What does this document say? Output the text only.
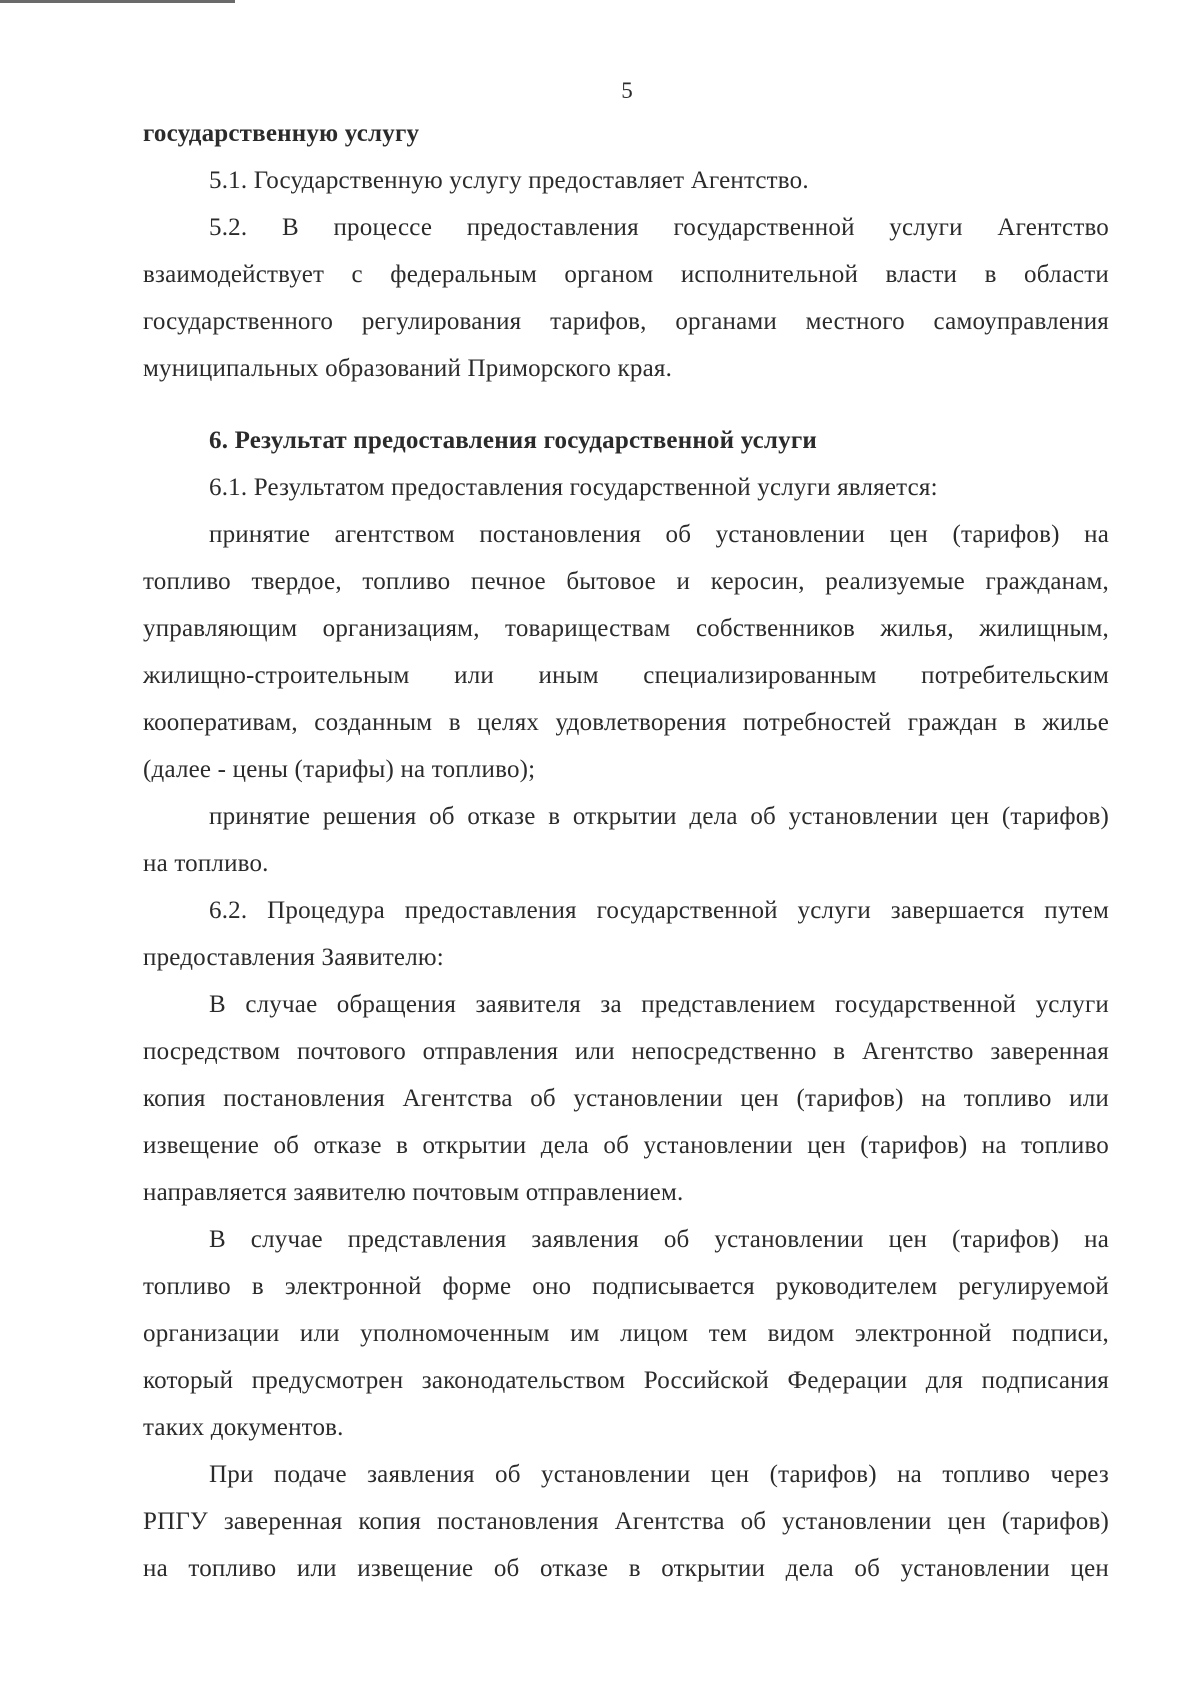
5
государственную услугу
5.1. Государственную услугу предоставляет Агентство.
5.2. В процессе предоставления государственной услуги Агентство
взаимодействует с федеральным органом исполнительной власти в области
государственного регулирования тарифов, органами местного самоуправления
муниципальных образований Приморского края.
6. Результат предоставления государственной услуги
6.1. Результатом предоставления государственной услуги является:
принятие агентством постановления об установлении цен (тарифов) на
топливо твердое, топливо печное бытовое и керосин, реализуемые гражданам,
управляющим организациям, товариществам собственников жилья, жилищным,
жилищно-строительным или иным специализированным потребительским
кооперативам, созданным в целях удовлетворения потребностей граждан в жилье
(далее - цены (тарифы) на топливо);
принятие решения об отказе в открытии дела об установлении цен (тарифов)
на топливо.
6.2. Процедура предоставления государственной услуги завершается путем
предоставления Заявителю:
В случае обращения заявителя за представлением государственной услуги
посредством почтового отправления или непосредственно в Агентство заверенная
копия постановления Агентства об установлении цен (тарифов) на топливо или
извещение об отказе в открытии дела об установлении цен (тарифов) на топливо
направляется заявителю почтовым отправлением.
В случае представления заявления об установлении цен (тарифов) на
топливо в электронной форме оно подписывается руководителем регулируемой
организации или уполномоченным им лицом тем видом электронной подписи,
который предусмотрен законодательством Российской Федерации для подписания
таких документов.
При подаче заявления об установлении цен (тарифов) на топливо через
РПГУ заверенная копия постановления Агентства об установлении цен (тарифов)
на топливо или извещение об отказе в открытии дела об установлении цен
